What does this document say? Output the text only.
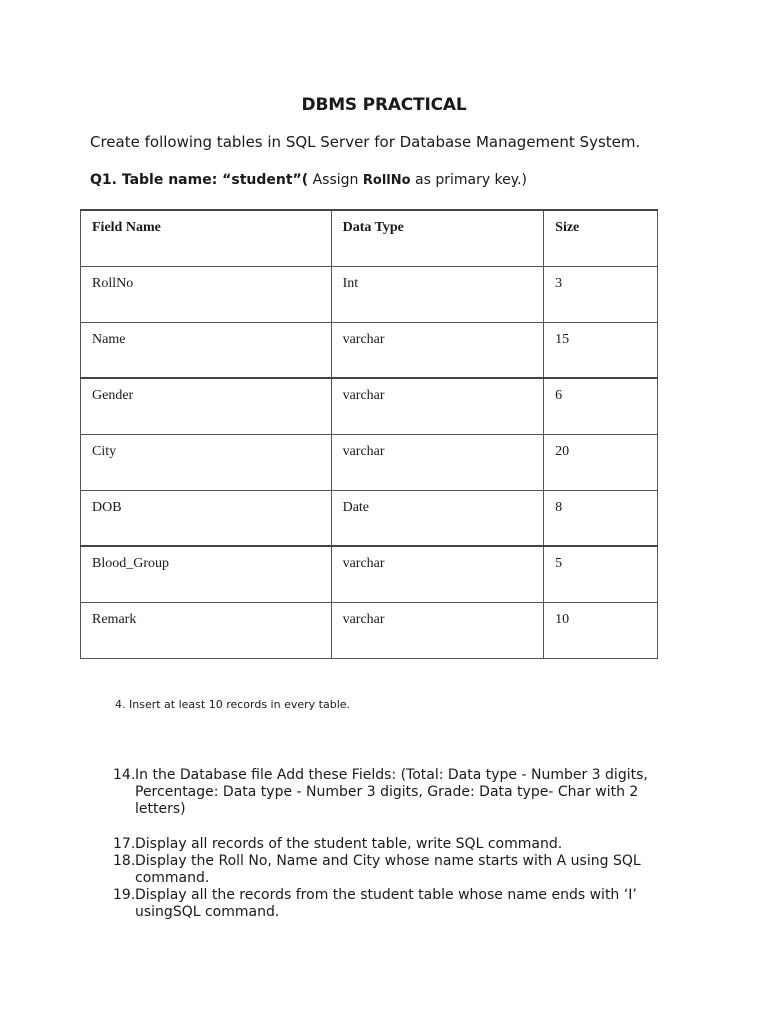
DBMS PRACTICAL
Create following tables in SQL Server for Database Management System.
Q1. Table name: “student”( Assign RollNo as primary key.)
Field Name	Data Type	Size
RollNo	Int	3
Name	varchar	15
Gender	varchar	6
City	varchar	20
DOB	Date	8
Blood_Group	varchar	5
Remark	varchar	10
4. Insert at least 10 records in every table.
14. In the Database file Add these Fields: (Total: Data type - Number 3 digits, Percentage: Data type - Number 3 digits, Grade: Data type- Char with 2 letters)
17. Display all records of the student table, write SQL command.
18. Display the Roll No, Name and City whose name starts with A using SQL command.
19. Display all the records from the student table whose name ends with ‘I’ usingSQL command.
